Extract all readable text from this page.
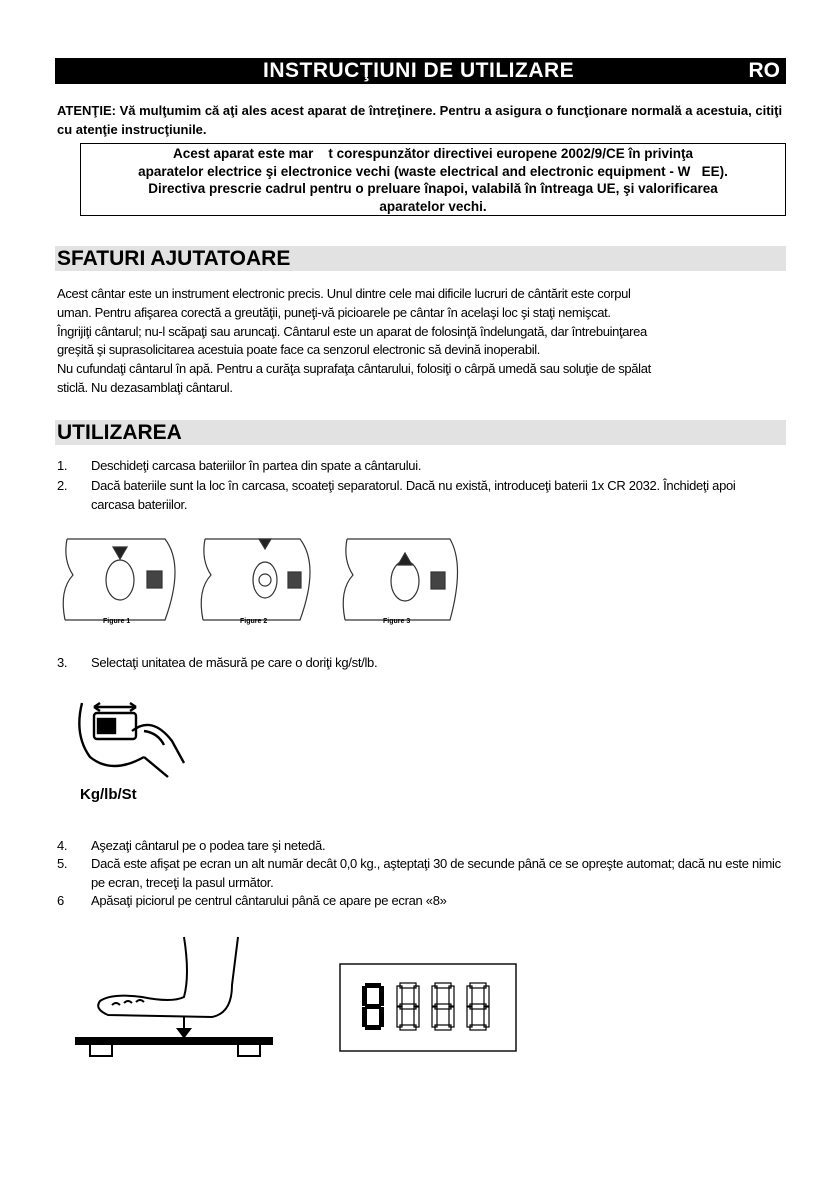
INSTRUCŢIUNI DE UTILIZARE	RO
ATENŢIE: Vă mulţumim că aţi ales acest aparat de întreţinere. Pentru a asigura o funcţionare normală a acestuia, citiţi cu atenţie instrucţiunile.

Acest aparat este mar    t corespunzător directivei europene 2002/9/CE în privinţa

aparatelor electrice şi electronice vechi (waste electrical and electronic equipment - W   EE).

Directiva prescrie cadrul pentru o preluare înapoi, valabilă în întreaga UE, şi valorificarea

aparatelor vechi.

SFATURI AJUTATOARE

Acest cântar este un instrument electronic precis. Unul dintre cele mai dificile lucruri de cântărit este corpul

uman. Pentru afişarea corectă a greutăţii, puneţi-vă picioarele pe cântar în acelaşi loc şi staţi nemişcat.

Îngrijiţi cântarul; nu-l scăpaţi sau aruncaţi. Cântarul este un aparat de folosinţă îndelungată, dar întrebuinţarea

greşită şi suprasolicitarea acestuia poate face ca senzorul electronic să devină inoperabil.

Nu cufundaţi cântarul în apă. Pentru a curăţa suprafaţa cântarului, folosiţi o cârpă umedă sau soluţie de spălat

sticlă. Nu dezasamblaţi cântarul.

UTILIZAREA
1. Deschideţi carcasa bateriilor în partea din spate a cântarului.
2. Dacă bateriile sunt la loc în carcasa, scoateţi separatorul. Dacă nu există, introduceţi baterii 1x CR 2032. Închideţi apoi carcasa bateriilor.
Figure 1	Figure 2	Figure 3
3. Selectaţi unitatea de măsură pe care o doriţi kg/st/lb.
Kg/lb/St
4. Aşezaţi cântarul pe o podea tare şi netedă.
5. Dacă este afişat pe ecran un alt număr decât 0,0 kg., aşteptaţi 30 de secunde până ce se opreşte automat; dacă nu este nimic pe ecran, treceţi la pasul următor.
6 Apăsaţi piciorul pe centrul cântarului până ce apare pe ecran «8»
